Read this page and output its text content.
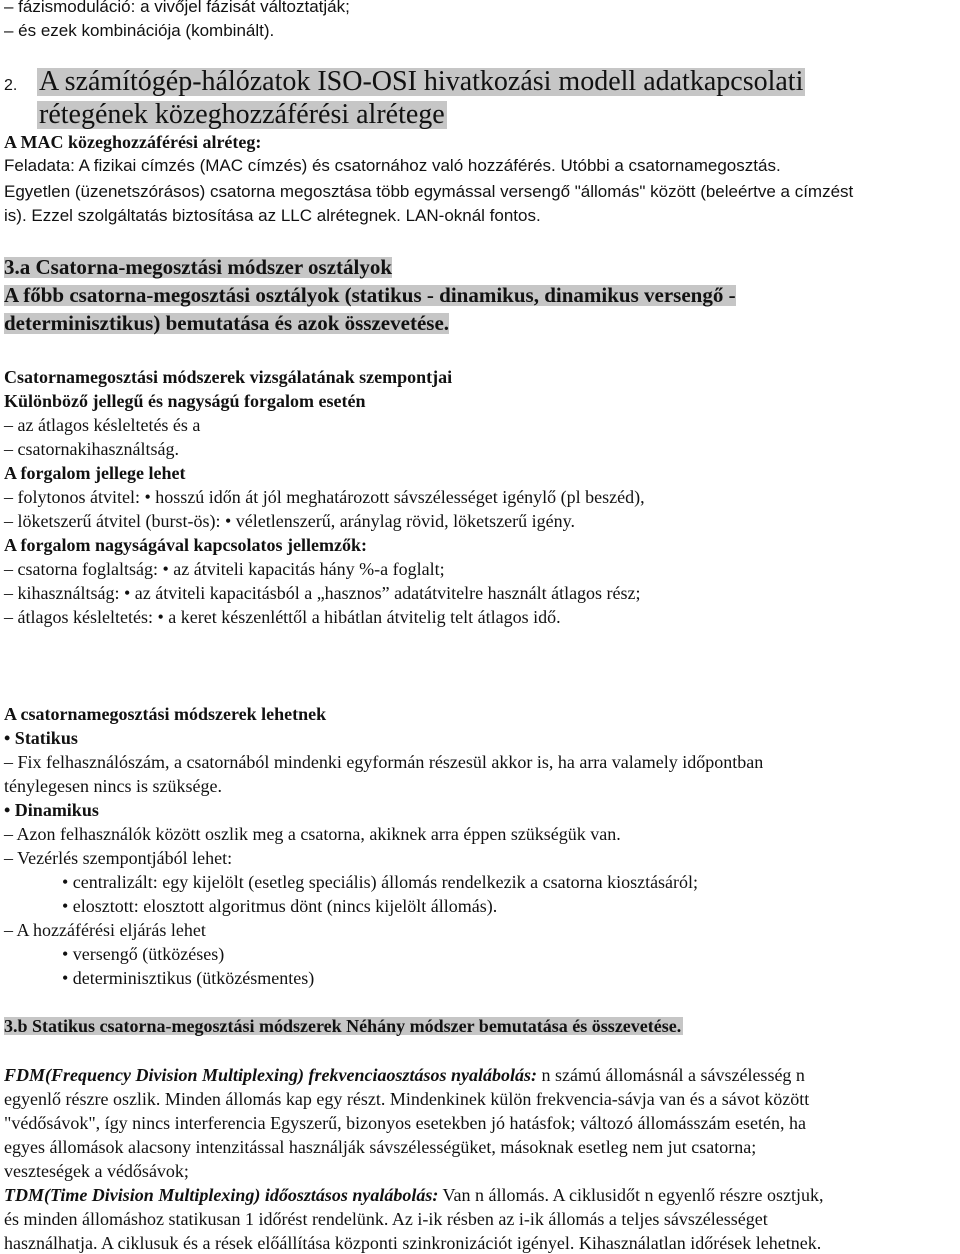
– fázismoduláció: a vivőjel fázisát változtatják;
– és ezek kombinációja (kombinált).
2. A számítógép-hálózatok ISO-OSI hivatkozási modell adatkapcsolati
rétegének közeghozzáférési alrétege
A MAC közeghozzáférési alréteg:
Feladata: A fizikai címzés (MAC címzés) és csatornához való hozzáférés. Utóbbi a csatornamegosztás.
Egyetlen (üzenetszórásos) csatorna megosztása több egymással versengő "állomás" között (beleértve a címzést
is). Ezzel szolgáltatás biztosítása az LLC alrétegnek. LAN-oknál fontos.
3.a Csatorna-megosztási módszer osztályok
A főbb csatorna-megosztási osztályok (statikus - dinamikus, dinamikus versengő -
determinisztikus) bemutatása és azok összevetése.
Csatornamegosztási módszerek vizsgálatának szempontjai
Különböző jellegű és nagyságú forgalom esetén
– az átlagos késleltetés és a
– csatornakihasználtság.
A forgalom jellege lehet
– folytonos átvitel: • hosszú időn át jól meghatározott sávszélességet igénylő (pl beszéd),
– löketszerű átvitel (burst-ös): • véletlenszerű, aránylag rövid, löketszerű igény.
A forgalom nagyságával kapcsolatos jellemzők:
– csatorna foglaltság: • az átviteli kapacitás hány %-a foglalt;
– kihasználtság: • az átviteli kapacitásból a „hasznos” adatátvitelre használt átlagos rész;
– átlagos késleltetés: • a keret készenléttől a hibátlan átvitelig telt átlagos idő.
A csatornamegosztási módszerek lehetnek
• Statikus
– Fix felhasználószám, a csatornából mindenki egyformán részesül akkor is, ha arra valamely időpontban
ténylegesen nincs is szüksége.
• Dinamikus
– Azon felhasználók között oszlik meg a csatorna, akiknek arra éppen szükségük van.
– Vezérlés szempontjából lehet:
• centralizált: egy kijelölt (esetleg speciális) állomás rendelkezik a csatorna kiosztásáról;
• elosztott: elosztott algoritmus dönt (nincs kijelölt állomás).
– A hozzáférési eljárás lehet
• versengő (ütközéses)
• determinisztikus (ütközésmentes)
3.b Statikus csatorna-megosztási módszerek Néhány módszer bemutatása és összevetése.
FDM(Frequency Division Multiplexing) frekvenciaosztásos nyalábolás: n számú állomásnál a sávszélesség n
egyenlő részre oszlik. Minden állomás kap egy részt. Mindenkinek külön frekvencia-sávja van és a sávot között
"védősávok", így nincs interferencia Egyszerű, bizonyos esetekben jó hatásfok; változó állomásszám esetén, ha
egyes állomások alacsony intenzitással használják sávszélességüket, másoknak esetleg nem jut csatorna;
veszteségek a védősávok;
TDM(Time Division Multiplexing) időosztásos nyalábolás: Van n állomás. A ciklusidőt n egyenlő részre osztjuk,
és minden állomáshoz statikusan 1 időrést rendelünk. Az i-ik résben az i-ik állomás a teljes sávszélességet
használhatja. A ciklusuk és a rések előállítása központi szinkronizációt igényel. Kihasználatlan időrések lehetnek.
